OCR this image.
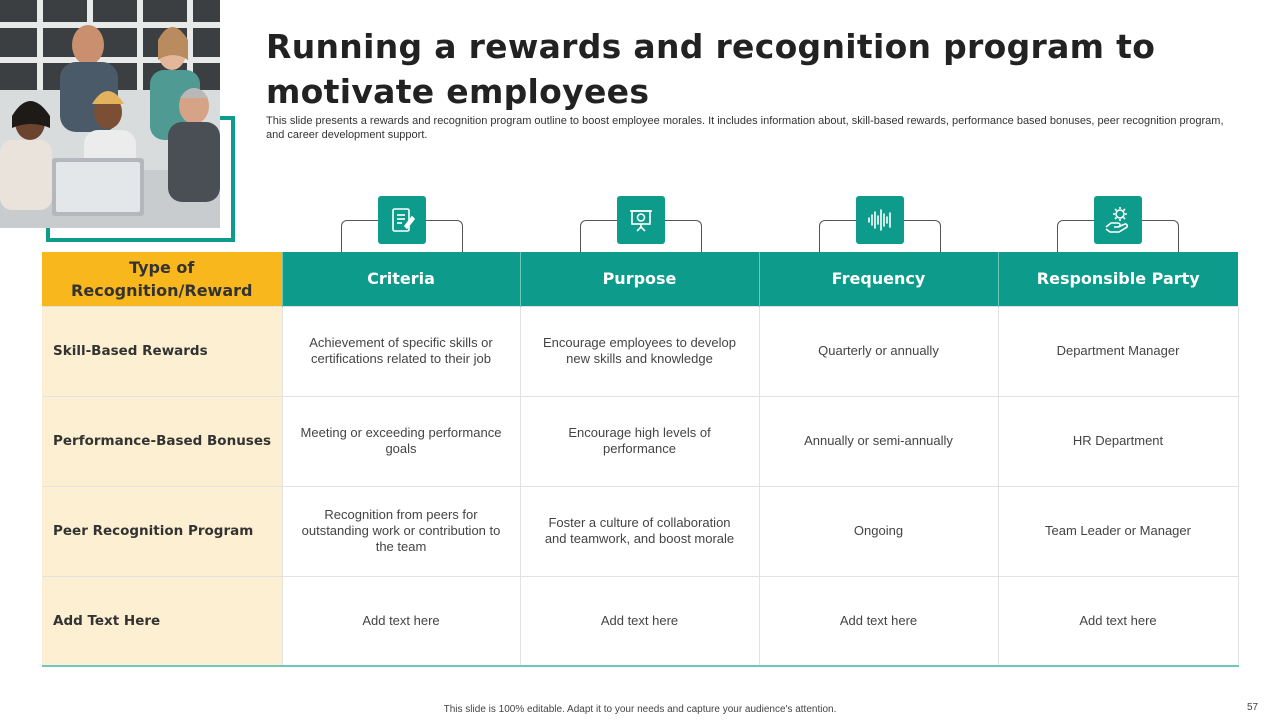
Running a rewards and recognition program to motivate employees

This slide presents a rewards and recognition program outline to boost employee morales. It includes information about, skill-based rewards, performance based bonuses, peer recognition program, and career development support.

Type of Recognition/Reward	Criteria	Purpose	Frequency	Responsible Party
Skill-Based Rewards	Achievement of specific skills or certifications related to their job	Encourage employees to develop new skills and knowledge	Quarterly or annually	Department Manager
Performance-Based Bonuses	Meeting or exceeding performance goals	Encourage high levels of performance	Annually or semi-annually	HR Department
Peer Recognition Program	Recognition from peers for outstanding work or contribution to the team	Foster a culture of collaboration and teamwork, and boost morale	Ongoing	Team Leader or Manager
Add Text Here	Add text here	Add text here	Add text here	Add text here

This slide is 100% editable. Adapt it to your needs and capture your audience's attention.	57
